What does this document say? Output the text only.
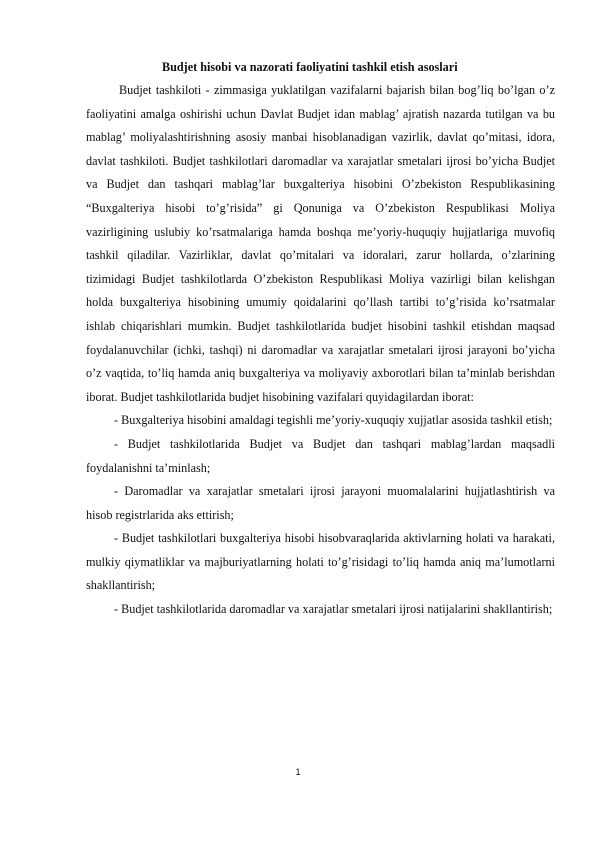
Budjet hisobi va nazorati faoliyatini tashkil etish asoslari

Budjet tashkiloti - zimmasiga yuklatilgan vazifalarni bajarish bilan bog’liq bo’lgan o’z faoliyatini amalga oshirishi uchun Davlat Budjet idan mablag’ ajratish nazarda tutilgan va bu mablag’ moliyalashtirishning asosiy manbai hisoblanadigan vazirlik, davlat qo’mitasi, idora, davlat tashkiloti. Budjet tashkilotlari daromadlar va xarajatlar smetalari ijrosi bo’yicha Budjet va Budjet dan tashqari mablag’lar buxgalteriya hisobini O’zbekiston Respublikasining “Buxgalteriya hisobi to’g’risida” gi Qonuniga va O’zbekiston Respublikasi Moliya vazirligining uslubiy ko’rsatmalariga hamda boshqa me’yoriy-huquqiy hujjatlariga muvofiq tashkil qiladilar. Vazirliklar, davlat qo’mitalari va idoralari, zarur hollarda, o’zlarining tizimidagi Budjet tashkilotlarda O’zbekiston Respublikasi Moliya vazirligi bilan kelishgan holda buxgalteriya hisobining umumiy qoidalarini qo’llash tartibi to’g’risida ko’rsatmalar ishlab chiqarishlari mumkin. Budjet tashkilotlarida budjet hisobini tashkil etishdan maqsad foydalanuvchilar (ichki, tashqi) ni daromadlar va xarajatlar smetalari ijrosi jarayoni bo’yicha o’z vaqtida, to’liq hamda aniq buxgalteriya va moliyaviy axborotlari bilan ta’minlab berishdan iborat. Budjet tashkilotlarida budjet hisobining vazifalari quyidagilardan iborat:

- Buxgalteriya hisobini amaldagi tegishli me’yoriy-xuquqiy xujjatlar asosida tashkil etish;

- Budjet tashkilotlarida Budjet va Budjet dan tashqari mablag’lardan maqsadli foydalanishni ta’minlash;

- Daromadlar va xarajatlar smetalari ijrosi jarayoni muomalalarini hujjatlashtirish va hisob registrlarida aks ettirish;

- Budjet tashkilotlari buxgalteriya hisobi hisobvaraqlarida aktivlarning holati va harakati, mulkiy qiymatliklar va majburiyatlarning holati to’g’risidagi to’liq hamda aniq ma’lumotlarni shakllantirish;

- Budjet tashkilotlarida daromadlar va xarajatlar smetalari ijrosi natijalarini shakllantirish;

1
